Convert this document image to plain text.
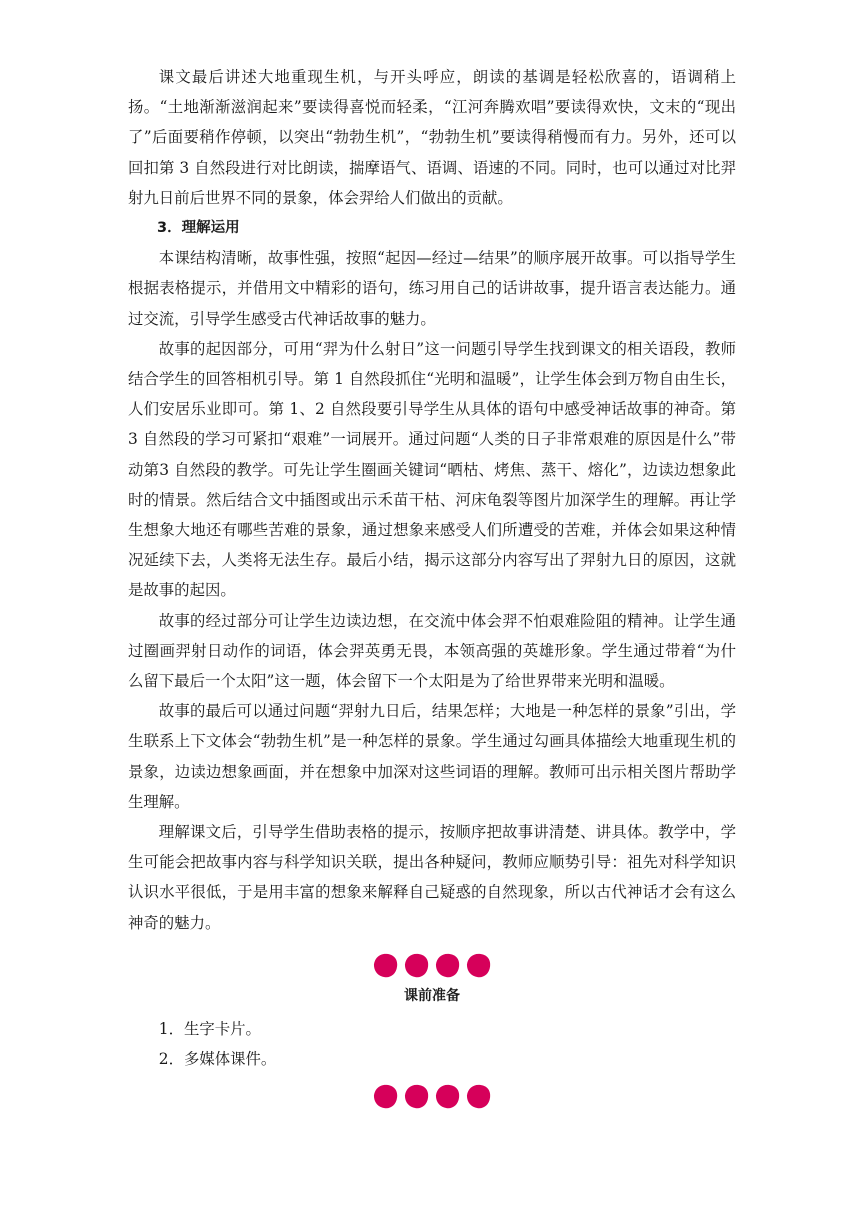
课文最后讲述大地重现生机，与开头呼应，朗读的基调是轻松欣喜的，语调稍上扬。“土地渐渐滋润起来”要读得喜悦而轻柔，“江河奔腾欢唱”要读得欢快，文末的“现出了”后面要稍作停顿，以突出“勃勃生机”，“勃勃生机”要读得稍慢而有力。另外，还可以回扣第 3 自然段进行对比朗读，揣摩语气、语调、语速的不同。同时，也可以通过对比羿射九日前后世界不同的景象，体会羿给人们做出的贡献。

3．理解运用

本课结构清晰，故事性强，按照“起因—经过—结果”的顺序展开故事。可以指导学生根据表格提示，并借用文中精彩的语句，练习用自己的话讲故事，提升语言表达能力。通过交流，引导学生感受古代神话故事的魅力。

故事的起因部分，可用“羿为什么射日”这一问题引导学生找到课文的相关语段，教师结合学生的回答相机引导。第 1 自然段抓住“光明和温暖”，让学生体会到万物自由生长，人们安居乐业即可。第 1、2 自然段要引导学生从具体的语句中感受神话故事的神奇。第 3 自然段的学习可紧扣“艰难”一词展开。通过问题“人类的日子非常艰难的原因是什么”带动第3 自然段的教学。可先让学生圈画关键词“晒枯、烤焦、蒸干、熔化”，边读边想象此时的情景。然后结合文中插图或出示禾苗干枯、河床龟裂等图片加深学生的理解。再让学生想象大地还有哪些苦难的景象，通过想象来感受人们所遭受的苦难，并体会如果这种情况延续下去，人类将无法生存。最后小结，揭示这部分内容写出了羿射九日的原因，这就是故事的起因。

故事的经过部分可让学生边读边想，在交流中体会羿不怕艰难险阻的精神。让学生通过圈画羿射日动作的词语，体会羿英勇无畏，本领高强的英雄形象。学生通过带着“为什么留下最后一个太阳”这一题，体会留下一个太阳是为了给世界带来光明和温暖。

故事的最后可以通过问题“羿射九日后，结果怎样；大地是一种怎样的景象”引出，学生联系上下文体会“勃勃生机”是一种怎样的景象。学生通过勾画具体描绘大地重现生机的景象，边读边想象画面，并在想象中加深对这些词语的理解。教师可出示相关图片帮助学生理解。

理解课文后，引导学生借助表格的提示，按顺序把故事讲清楚、讲具体。教学中，学生可能会把故事内容与科学知识关联，提出各种疑问，教师应顺势引导：祖先对科学知识认识水平很低，于是用丰富的想象来解释自己疑惑的自然现象，所以古代神话才会有这么神奇的魅力。

课前准备

1．生字卡片。

2．多媒体课件。
